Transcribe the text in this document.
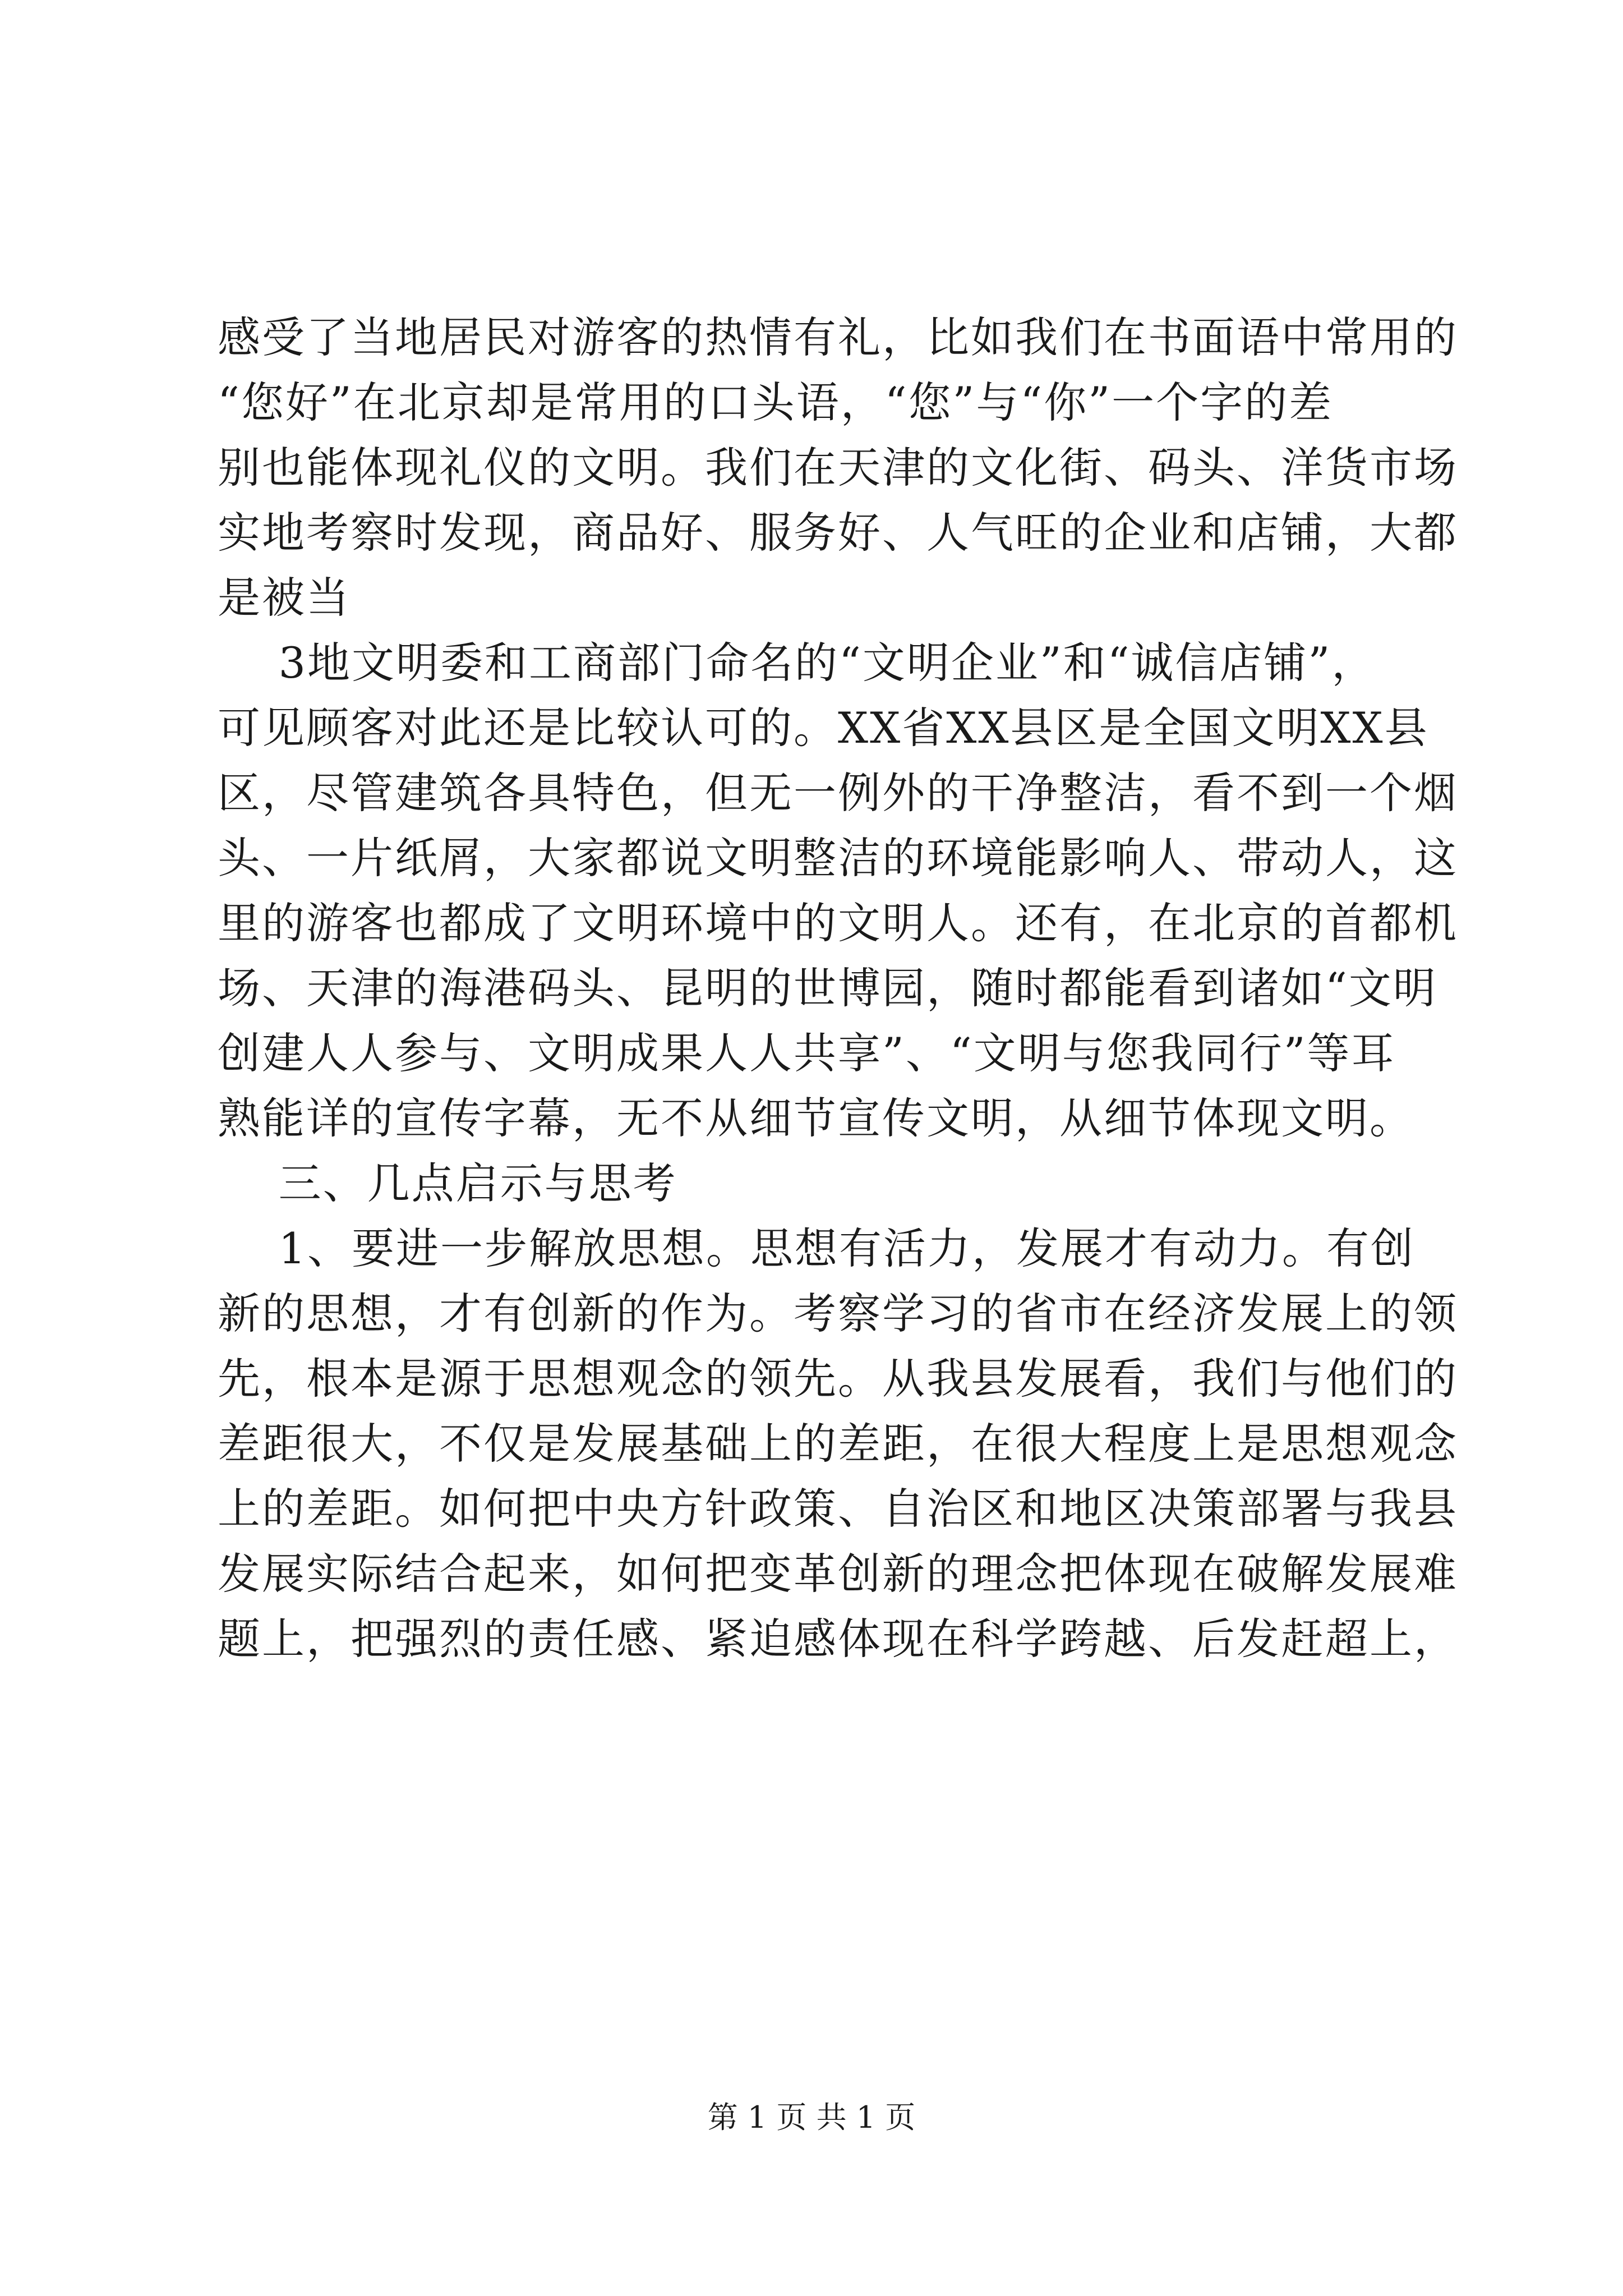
感受了当地居民对游客的热情有礼，比如我们在书面语中常用的
“您好”在北京却是常用的口头语，“您”与“你”一个字的差
别也能体现礼仪的文明。我们在天津的文化街、码头、洋货市场
实地考察时发现，商品好、服务好、人气旺的企业和店铺，大都
是被当
3地文明委和工商部门命名的“文明企业”和“诚信店铺”，
可见顾客对此还是比较认可的。XX省XX县区是全国文明XX县
区，尽管建筑各具特色，但无一例外的干净整洁，看不到一个烟
头、一片纸屑，大家都说文明整洁的环境能影响人、带动人，这
里的游客也都成了文明环境中的文明人。还有，在北京的首都机
场、天津的海港码头、昆明的世博园，随时都能看到诸如“文明
创建人人参与、文明成果人人共享”、“文明与您我同行”等耳
熟能详的宣传字幕，无不从细节宣传文明，从细节体现文明。
三、几点启示与思考
1、要进一步解放思想。思想有活力，发展才有动力。有创
新的思想，才有创新的作为。考察学习的省市在经济发展上的领
先，根本是源于思想观念的领先。从我县发展看，我们与他们的
差距很大，不仅是发展基础上的差距，在很大程度上是思想观念
上的差距。如何把中央方针政策、自治区和地区决策部署与我县
发展实际结合起来，如何把变革创新的理念把体现在破解发展难
题上，把强烈的责任感、紧迫感体现在科学跨越、后发赶超上，
第 1 页 共 1 页
